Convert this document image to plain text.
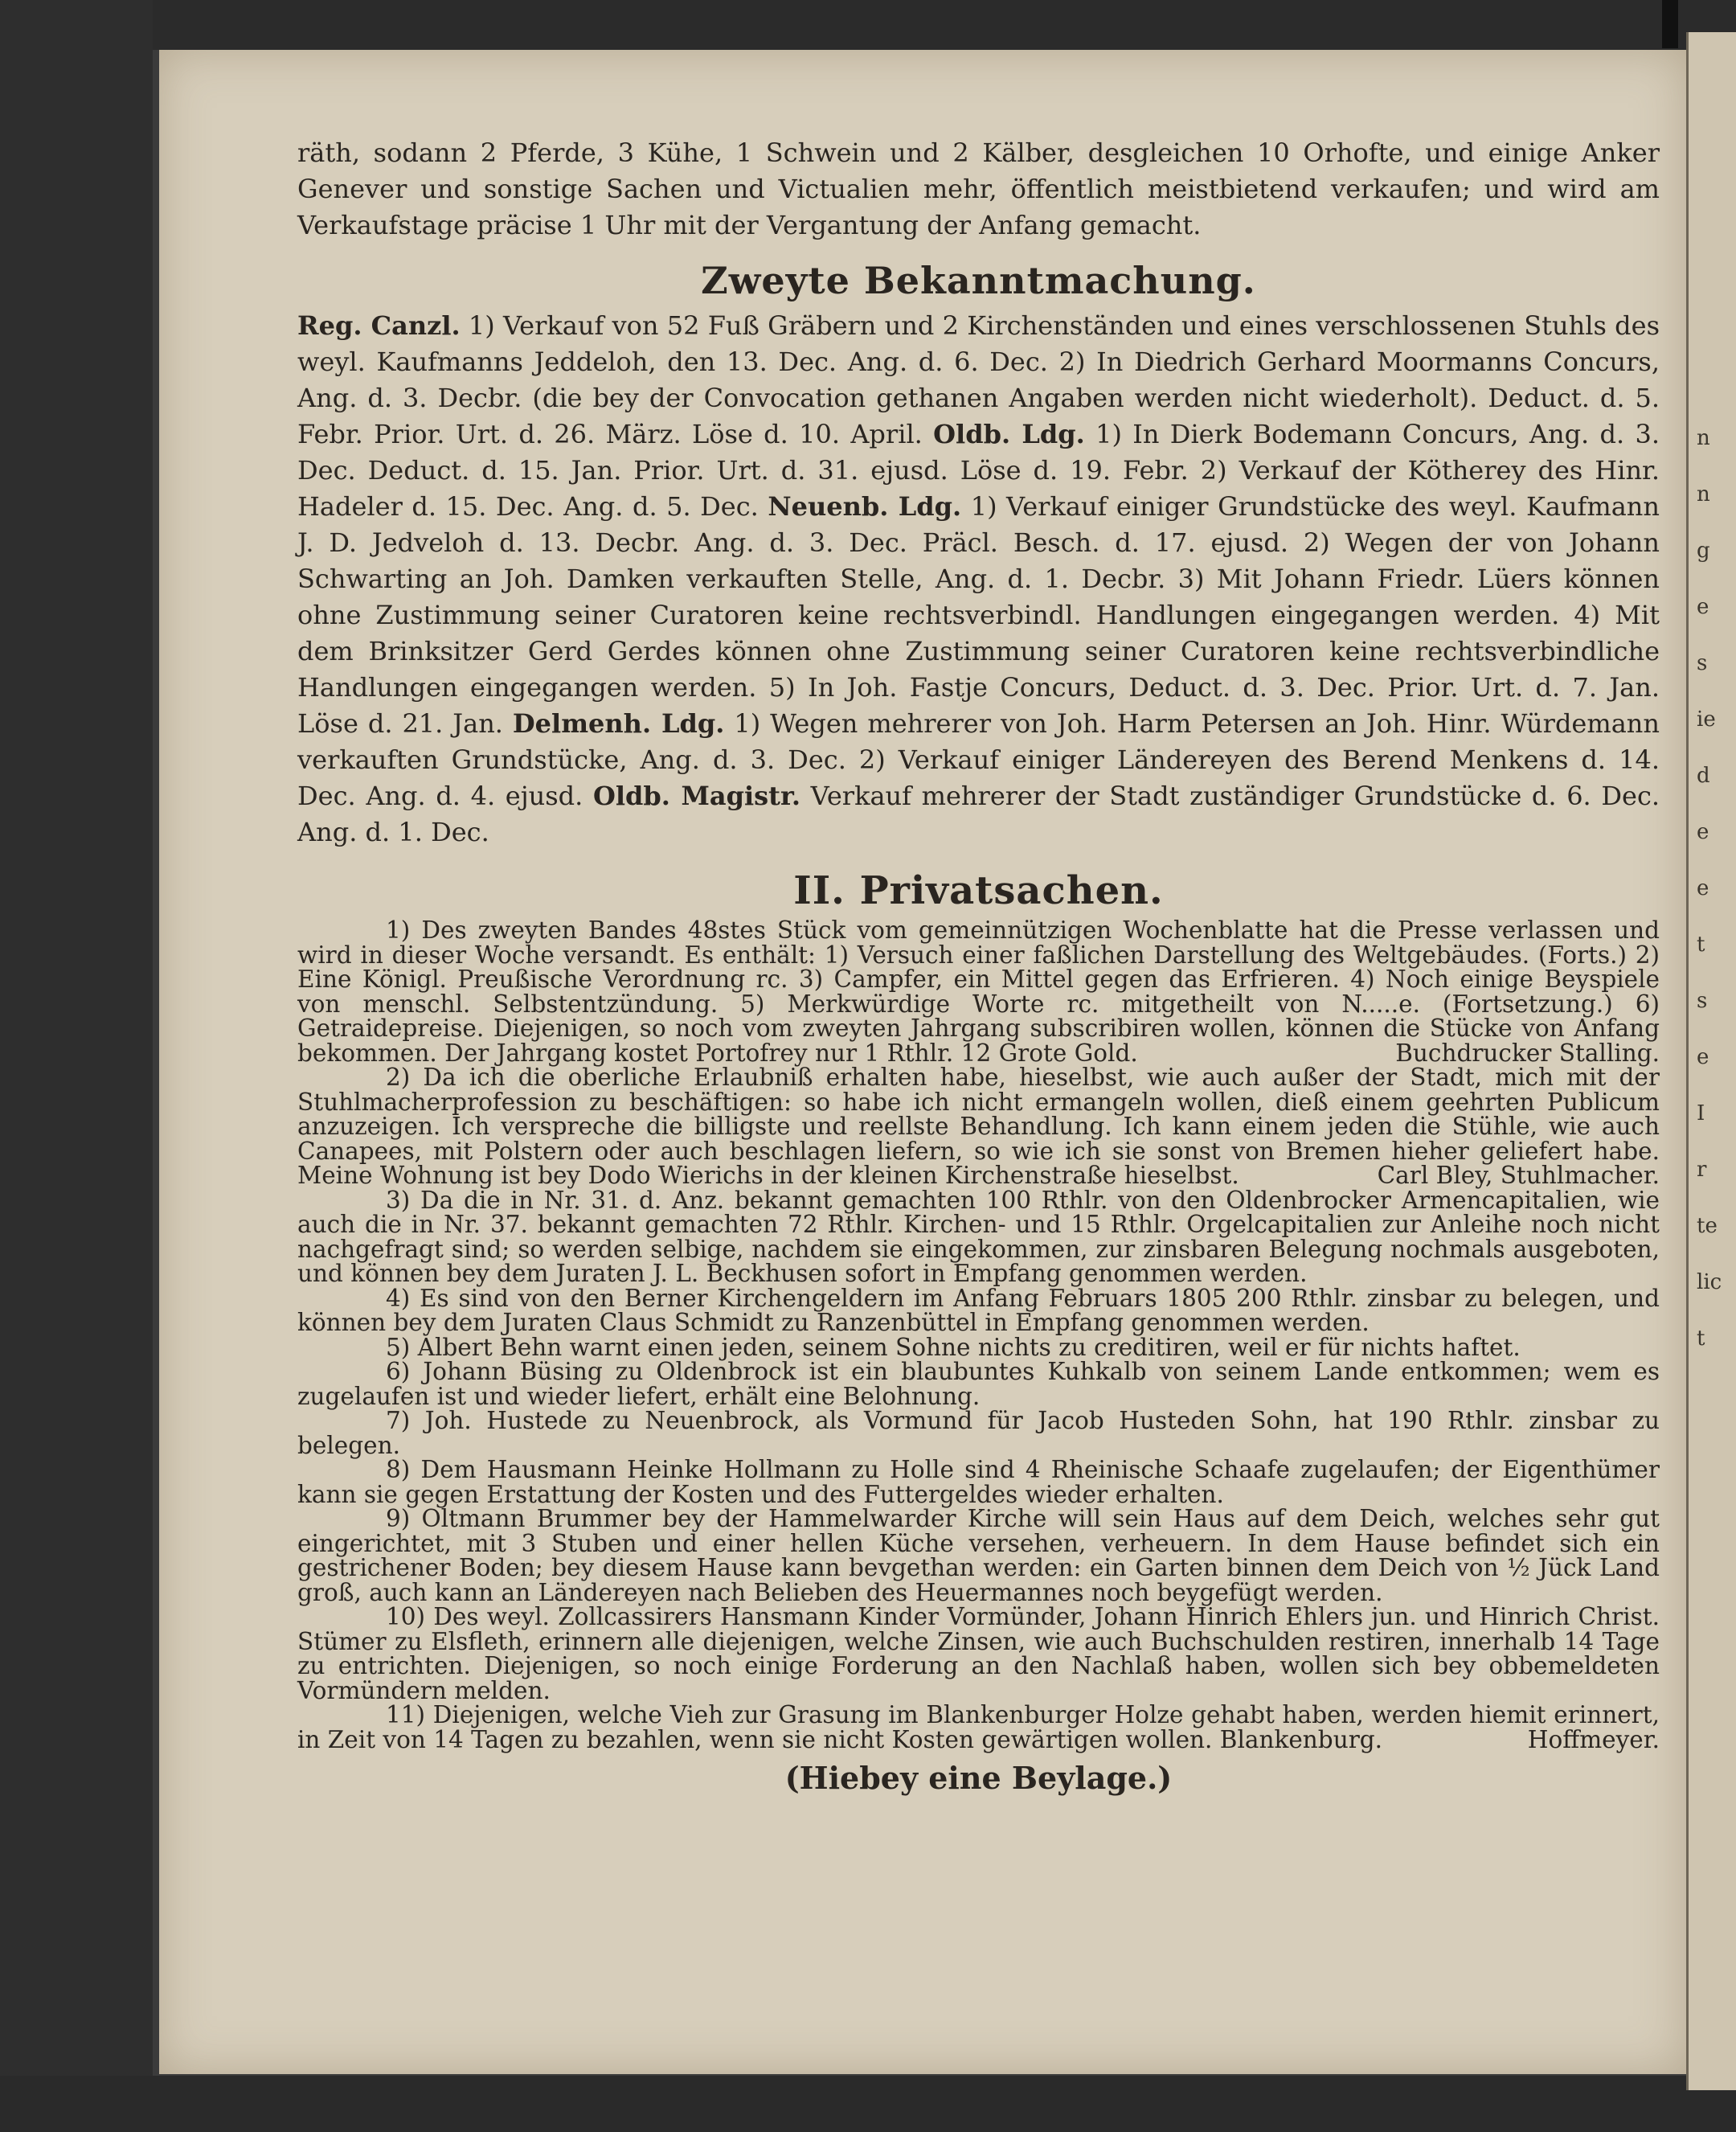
n
n
g
e
s
ie
d
e
e
t
s
e
I
r
te
lic
t

räth, sodann 2 Pferde, 3 Kühe, 1 Schwein und 2 Kälber, desgleichen 10 Orhofte, und einige Anker Genever und sonstige Sachen und Victualien mehr, öffentlich meistbietend verkaufen; und wird am Verkaufstage präcise 1 Uhr mit der Vergantung der Anfang gemacht.

Zweyte Bekanntmachung.

Reg. Canzl. 1) Verkauf von 52 Fuß Gräbern und 2 Kirchenständen und eines verschlossenen Stuhls des weyl. Kaufmanns Jeddeloh, den 13. Dec. Ang. d. 6. Dec. 2) In Diedrich Gerhard Moormanns Concurs, Ang. d. 3. Decbr. (die bey der Convocation gethanen Angaben werden nicht wiederholt). Deduct. d. 5. Febr. Prior. Urt. d. 26. März. Löse d. 10. April. Oldb. Ldg. 1) In Dierk Bodemann Concurs, Ang. d. 3. Dec. Deduct. d. 15. Jan. Prior. Urt. d. 31. ejusd. Löse d. 19. Febr. 2) Verkauf der Kötherey des Hinr. Hadeler d. 15. Dec. Ang. d. 5. Dec. Neuenb. Ldg. 1) Verkauf einiger Grundstücke des weyl. Kaufmann J. D. Jedveloh d. 13. Decbr. Ang. d. 3. Dec. Präcl. Besch. d. 17. ejusd. 2) Wegen der von Johann Schwarting an Joh. Damken verkauften Stelle, Ang. d. 1. Decbr. 3) Mit Johann Friedr. Lüers können ohne Zustimmung seiner Curatoren keine rechtsverbindl. Handlungen eingegangen werden. 4) Mit dem Brinksitzer Gerd Gerdes können ohne Zustimmung seiner Curatoren keine rechtsverbindliche Handlungen eingegangen werden. 5) In Joh. Fastje Concurs, Deduct. d. 3. Dec. Prior. Urt. d. 7. Jan. Löse d. 21. Jan. Delmenh. Ldg. 1) Wegen mehrerer von Joh. Harm Petersen an Joh. Hinr. Würdemann verkauften Grundstücke, Ang. d. 3. Dec. 2) Verkauf einiger Ländereyen des Berend Menkens d. 14. Dec. Ang. d. 4. ejusd. Oldb. Magistr. Verkauf mehrerer der Stadt zuständiger Grundstücke d. 6. Dec. Ang. d. 1. Dec.

II. Privatsachen.

1) Des zweyten Bandes 48stes Stück vom gemeinnützigen Wochenblatte hat die Presse verlassen und wird in dieser Woche versandt. Es enthält: 1) Versuch einer faßlichen Darstellung des Weltgebäudes. (Forts.) 2) Eine Königl. Preußische Verordnung rc. 3) Campfer, ein Mittel gegen das Erfrieren. 4) Noch einige Beyspiele von menschl. Selbstentzündung. 5) Merkwürdige Worte rc. mitgetheilt von N.....e. (Fortsetzung.) 6) Getraidepreise. Diejenigen, so noch vom zweyten Jahrgang subscribiren wollen, können die Stücke von Anfang bekommen. Der Jahrgang kostet Portofrey nur 1 Rthlr. 12 Grote Gold.	Buchdrucker Stalling.

2) Da ich die oberliche Erlaubniß erhalten habe, hieselbst, wie auch außer der Stadt, mich mit der Stuhlmacherprofession zu beschäftigen: so habe ich nicht ermangeln wollen, dieß einem geehrten Publicum anzuzeigen. Ich verspreche die billigste und reellste Behandlung. Ich kann einem jeden die Stühle, wie auch Canapees, mit Polstern oder auch beschlagen liefern, so wie ich sie sonst von Bremen hieher geliefert habe. Meine Wohnung ist bey Dodo Wierichs in der kleinen Kirchenstraße hieselbst.	Carl Bley, Stuhlmacher.

3) Da die in Nr. 31. d. Anz. bekannt gemachten 100 Rthlr. von den Oldenbrocker Armencapitalien, wie auch die in Nr. 37. bekannt gemachten 72 Rthlr. Kirchen- und 15 Rthlr. Orgelcapitalien zur Anleihe noch nicht nachgefragt sind; so werden selbige, nachdem sie eingekommen, zur zinsbaren Belegung nochmals ausgeboten, und können bey dem Juraten J. L. Beckhusen sofort in Empfang genommen werden.

4) Es sind von den Berner Kirchengeldern im Anfang Februars 1805 200 Rthlr. zinsbar zu belegen, und können bey dem Juraten Claus Schmidt zu Ranzenbüttel in Empfang genommen werden.

5) Albert Behn warnt einen jeden, seinem Sohne nichts zu creditiren, weil er für nichts haftet.

6) Johann Büsing zu Oldenbrock ist ein blaubuntes Kuhkalb von seinem Lande entkommen; wem es zugelaufen ist und wieder liefert, erhält eine Belohnung.

7) Joh. Hustede zu Neuenbrock, als Vormund für Jacob Husteden Sohn, hat 190 Rthlr. zinsbar zu belegen.

8) Dem Hausmann Heinke Hollmann zu Holle sind 4 Rheinische Schaafe zugelaufen; der Eigenthümer kann sie gegen Erstattung der Kosten und des Futtergeldes wieder erhalten.

9) Oltmann Brummer bey der Hammelwarder Kirche will sein Haus auf dem Deich, welches sehr gut eingerichtet, mit 3 Stuben und einer hellen Küche versehen, verheuern. In dem Hause befindet sich ein gestrichener Boden; bey diesem Hause kann bevgethan werden: ein Garten binnen dem Deich von ½ Jück Land groß, auch kann an Ländereyen nach Belieben des Heuermannes noch beygefügt werden.

10) Des weyl. Zollcassirers Hansmann Kinder Vormünder, Johann Hinrich Ehlers jun. und Hinrich Christ. Stümer zu Elsfleth, erinnern alle diejenigen, welche Zinsen, wie auch Buchschulden restiren, innerhalb 14 Tage zu entrichten. Diejenigen, so noch einige Forderung an den Nachlaß haben, wollen sich bey obbemeldeten Vormündern melden.

11) Diejenigen, welche Vieh zur Grasung im Blankenburger Holze gehabt haben, werden hiemit erinnert, in Zeit von 14 Tagen zu bezahlen, wenn sie nicht Kosten gewärtigen wollen. Blankenburg.	Hoffmeyer.

(Hiebey eine Beylage.)
